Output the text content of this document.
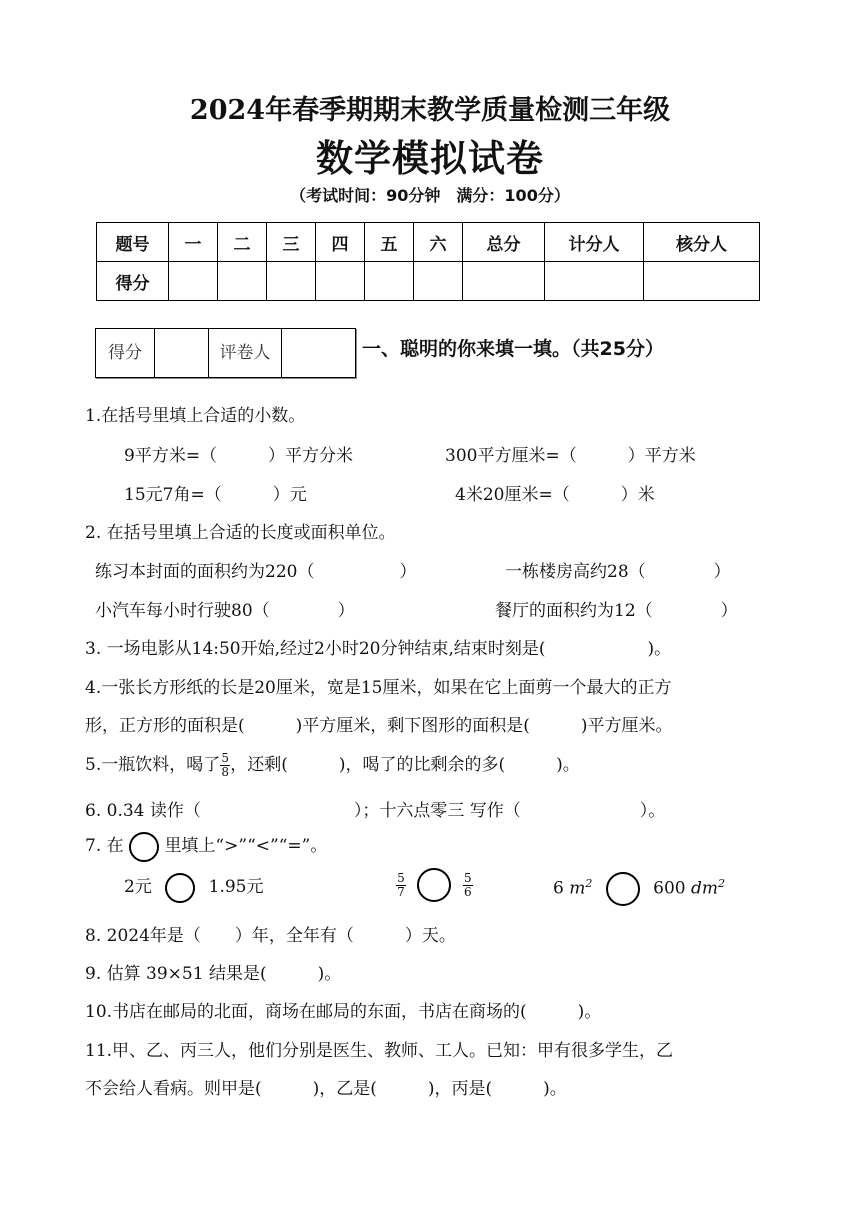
2024年春季期期末教学质量检测三年级
数学模拟试卷
（考试时间：90分钟　满分：100分）
题号	一	二	三	四	五	六	总分	计分人	核分人
得分									
得分	评卷人	一、聪明的你来填一填。（共25分）
1.在括号里填上合适的小数。
9平方米=（　　　）平方分米	300平方厘米=（　　　）平方米
15元7角=（　　　）元	4米20厘米=（　　　）米
2. 在括号里填上合适的长度或面积单位。
练习本封面的面积约为220（　　　　　）	一栋楼房高约28（　　　　）
小汽车每小时行驶80（　　　　）	餐厅的面积约为12（　　　　）
3. 一场电影从14:50开始,经过2小时20分钟结束,结束时刻是(　　　　　　)。
4.一张长方形纸的长是20厘米，宽是15厘米，如果在它上面剪一个最大的正方
形，正方形的面积是(　　　)平方厘米，剩下图形的面积是(　　　)平方厘米。
5.一瓶饮料，喝了 $\frac{5}{8}$ ，还剩(　　　)，喝了的比剩余的多(　　　)。
6. 0.34 读作（　　　　　　　　　）；十六点零三 写作（　　　　　　　）。
7. 在 里填上“>”“<”“=”。
2元	1.95元	$\frac{5}{7}$
	$\frac{5}{6}$	6 $m^2$	600 $dm^2$
8. 2024年是（　　）年，全年有（　　　）天。
9. 估算 39×51 结果是(　　　)。
10.书店在邮局的北面，商场在邮局的东面，书店在商场的(　　　)。
11.甲、乙、丙三人，他们分别是医生、教师、工人。已知：甲有很多学生，乙
不会给人看病。则甲是(　　　)，乙是(　　　)，丙是(　　　)。
